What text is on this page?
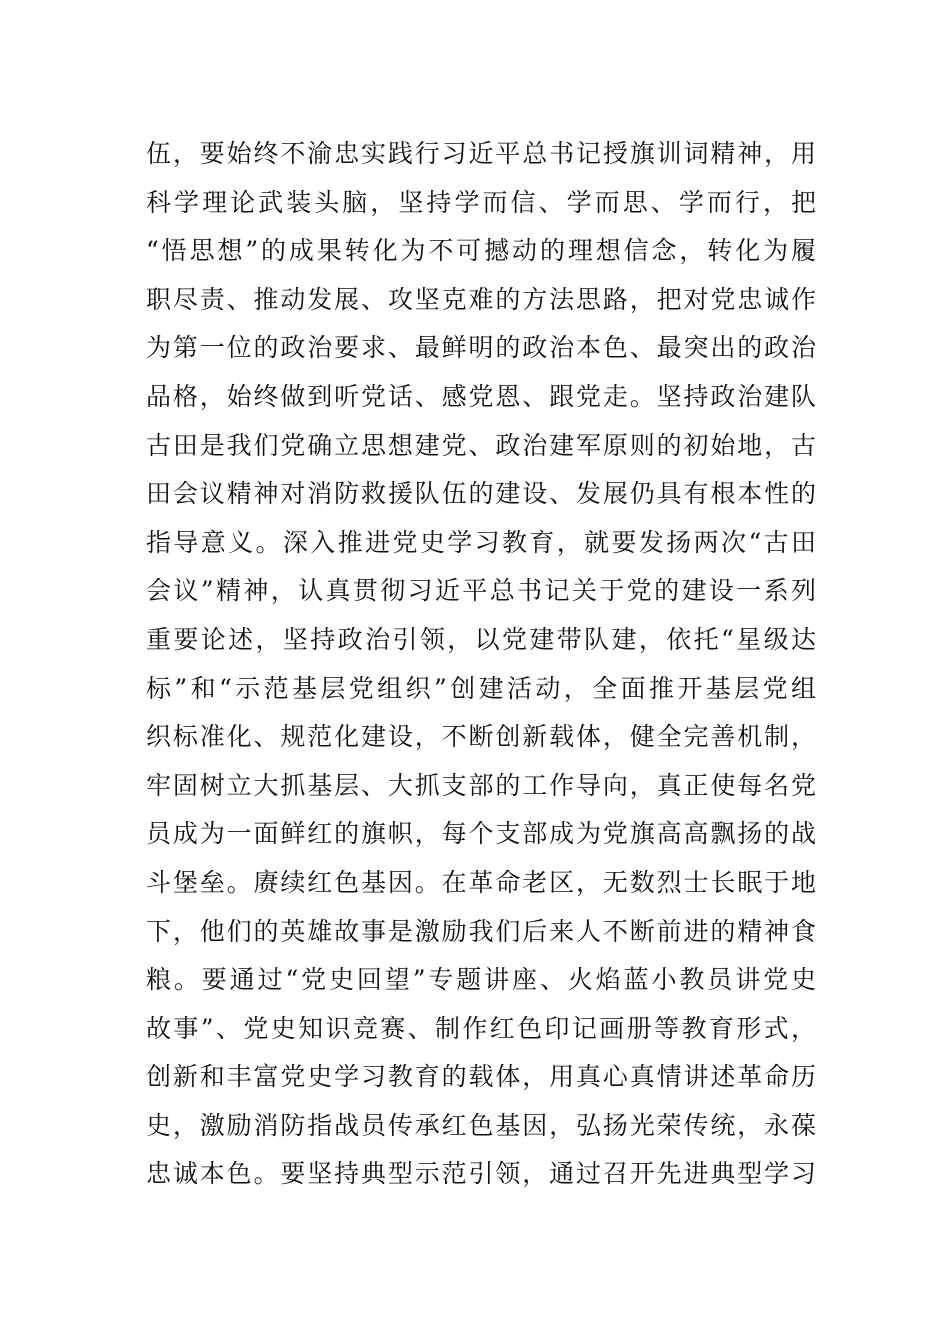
伍，要始终不渝忠实践行习近平总书记授旗训词精神，用
科学理论武装头脑，坚持学而信、学而思、学而行，把
“悟思想”的成果转化为不可撼动的理想信念，转化为履
职尽责、推动发展、攻坚克难的方法思路，把对党忠诚作
为第一位的政治要求、最鲜明的政治本色、最突出的政治
品格，始终做到听党话、感党恩、跟党走。坚持政治建队
古田是我们党确立思想建党、政治建军原则的初始地，古
田会议精神对消防救援队伍的建设、发展仍具有根本性的
指导意义。深入推进党史学习教育，就要发扬两次“古田
会议”精神，认真贯彻习近平总书记关于党的建设一系列
重要论述，坚持政治引领，以党建带队建，依托“星级达
标”和“示范基层党组织”创建活动，全面推开基层党组
织标准化、规范化建设，不断创新载体，健全完善机制，
牢固树立大抓基层、大抓支部的工作导向，真正使每名党
员成为一面鲜红的旗帜，每个支部成为党旗高高飘扬的战
斗堡垒。赓续红色基因。在革命老区，无数烈士长眠于地
下，他们的英雄故事是激励我们后来人不断前进的精神食
粮。要通过“党史回望”专题讲座、火焰蓝小教员讲党史
故事”、党史知识竞赛、制作红色印记画册等教育形式，
创新和丰富党史学习教育的载体，用真心真情讲述革命历
史，激励消防指战员传承红色基因，弘扬光荣传统，永葆
忠诚本色。要坚持典型示范引领，通过召开先进典型学习
